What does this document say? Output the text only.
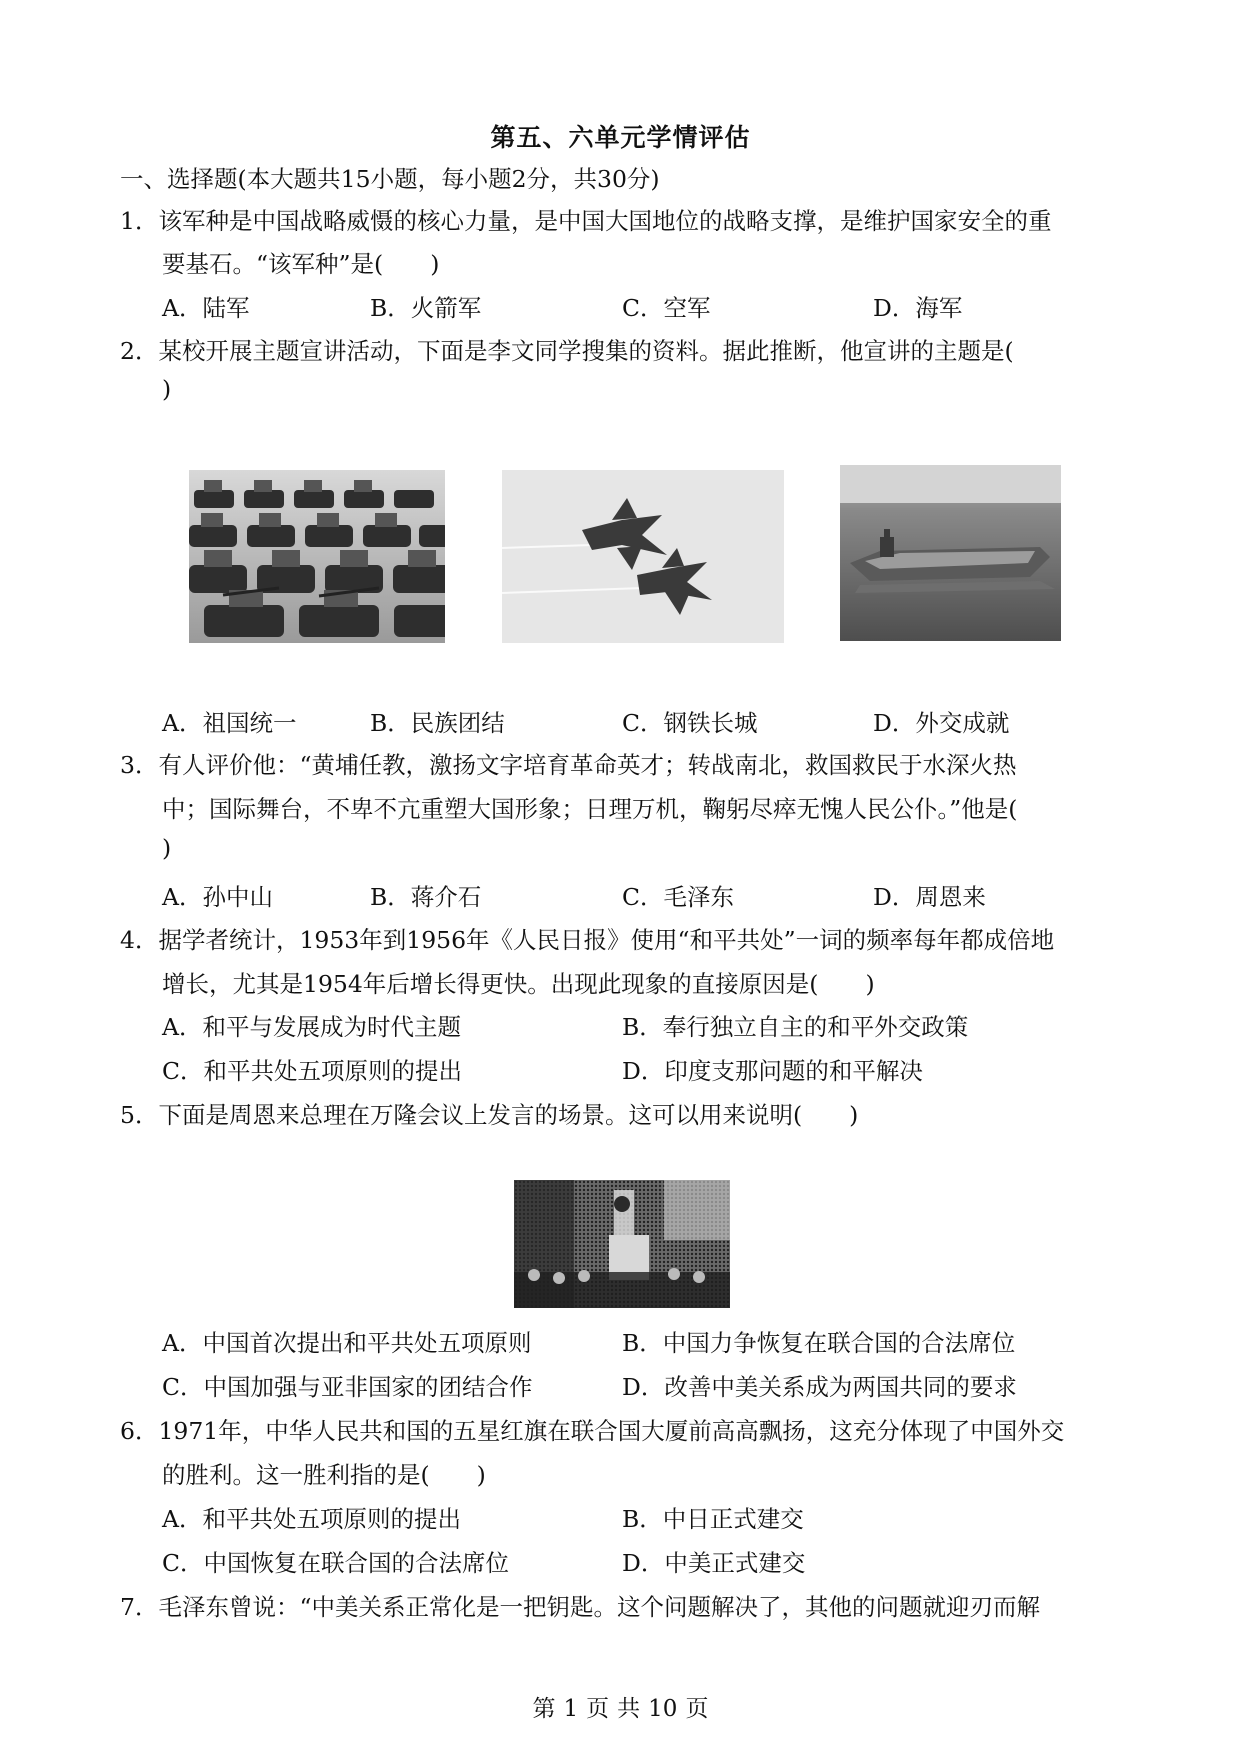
第五、六单元学情评估
一、选择题(本大题共15小题，每小题2分，共30分)
1．该军种是中国战略威慑的核心力量，是中国大国地位的战略支撑，是维护国家安全的重
要基石。“该军种”是(　　)
A．陆军	B．火箭军	C．空军	D．海军
2．某校开展主题宣讲活动，下面是李文同学搜集的资料。据此推断，他宣讲的主题是(
)
A．祖国统一	B．民族团结	C．钢铁长城	D．外交成就
3．有人评价他：“黄埔任教，激扬文字培育革命英才；转战南北，救国救民于水深火热
中；国际舞台，不卑不亢重塑大国形象；日理万机，鞠躬尽瘁无愧人民公仆。”他是(
)
A．孙中山	B．蒋介石	C．毛泽东	D．周恩来
4．据学者统计，1953年到1956年《人民日报》使用“和平共处”一词的频率每年都成倍地
增长，尤其是1954年后增长得更快。出现此现象的直接原因是(　　)
A．和平与发展成为时代主题	B．奉行独立自主的和平外交政策
C．和平共处五项原则的提出	D．印度支那问题的和平解决
5．下面是周恩来总理在万隆会议上发言的场景。这可以用来说明(　　)
A．中国首次提出和平共处五项原则	B．中国力争恢复在联合国的合法席位
C．中国加强与亚非国家的团结合作	D．改善中美关系成为两国共同的要求
6．1971年，中华人民共和国的五星红旗在联合国大厦前高高飘扬，这充分体现了中国外交
的胜利。这一胜利指的是(　　)
A．和平共处五项原则的提出	B．中日正式建交
C．中国恢复在联合国的合法席位	D．中美正式建交
7．毛泽东曾说：“中美关系正常化是一把钥匙。这个问题解决了，其他的问题就迎刃而解
第 1 页 共 10 页
